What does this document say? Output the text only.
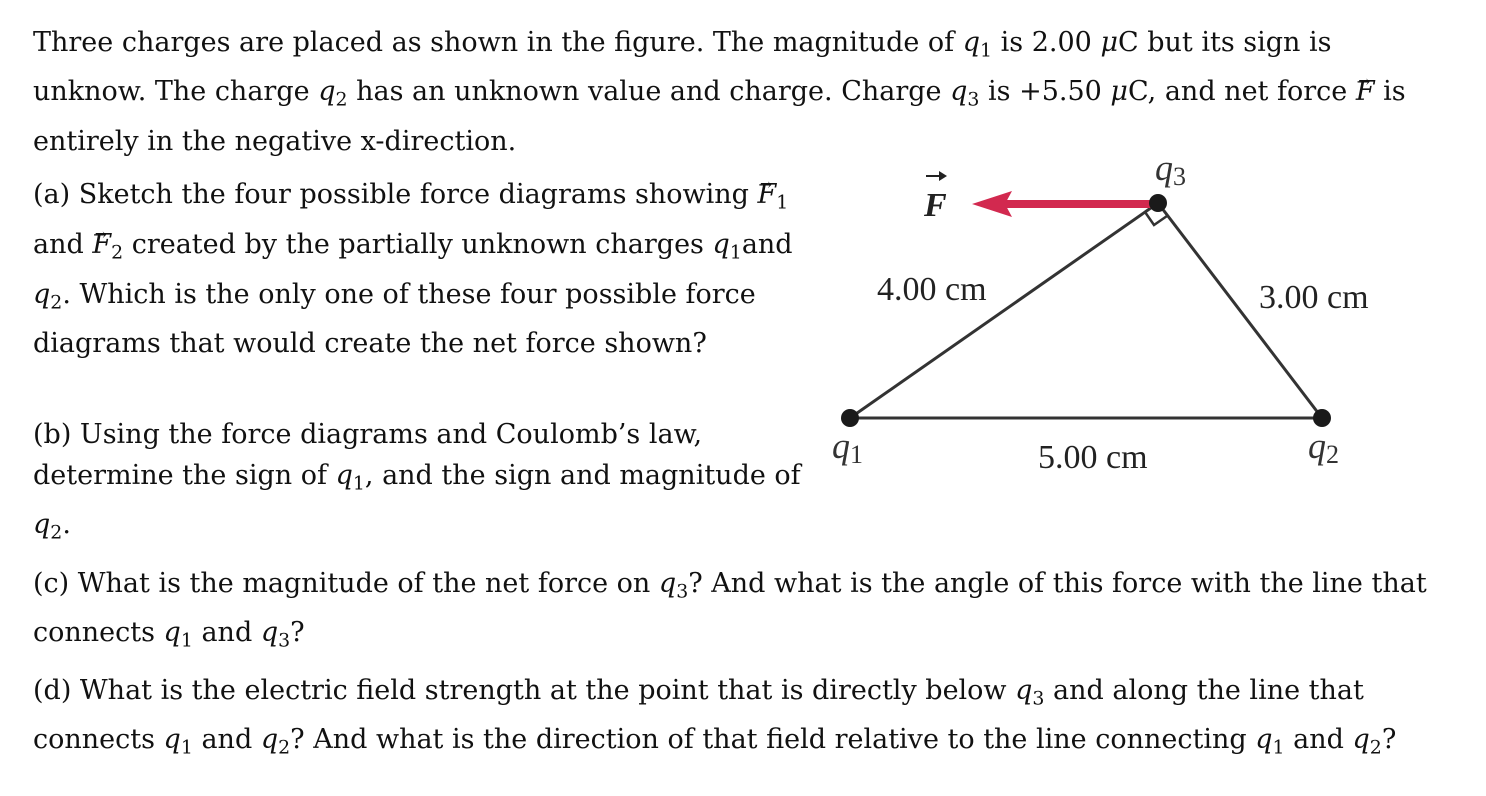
Three charges are placed as shown in the figure. The magnitude of $q_1$ is 2.00 μC but its sign is unknow. The charge $q_2$ has an unknown value and charge. Charge $q_3$ is +5.50 μC, and net force → F is entirely in the negative x-direction.

(a) Sketch the four possible force diagrams showing → $F_1$ and → $F_2$ created by the partially unknown charges $q_1and$ $q_2$. Which is the only one of these four possible force diagrams that would create the net force shown?

(b) Using the force diagrams and Coulomb’s law, determine the sign of $q_1$, and the sign and magnitude of $q_2$.

(c) What is the magnitude of the net force on $q_3$? And what is the angle of this force with the line that connects $q_1$ and $q_3$?

(d) What is the electric field strength at the point that is directly below $q_3$ and along the line that connects $q_1$ and $q_2$? And what is the direction of that field relative to the line connecting $q_1$ and $q_2$?

F
q3
q1	q2
4.00 cm	3.00 cm
5.00 cm
